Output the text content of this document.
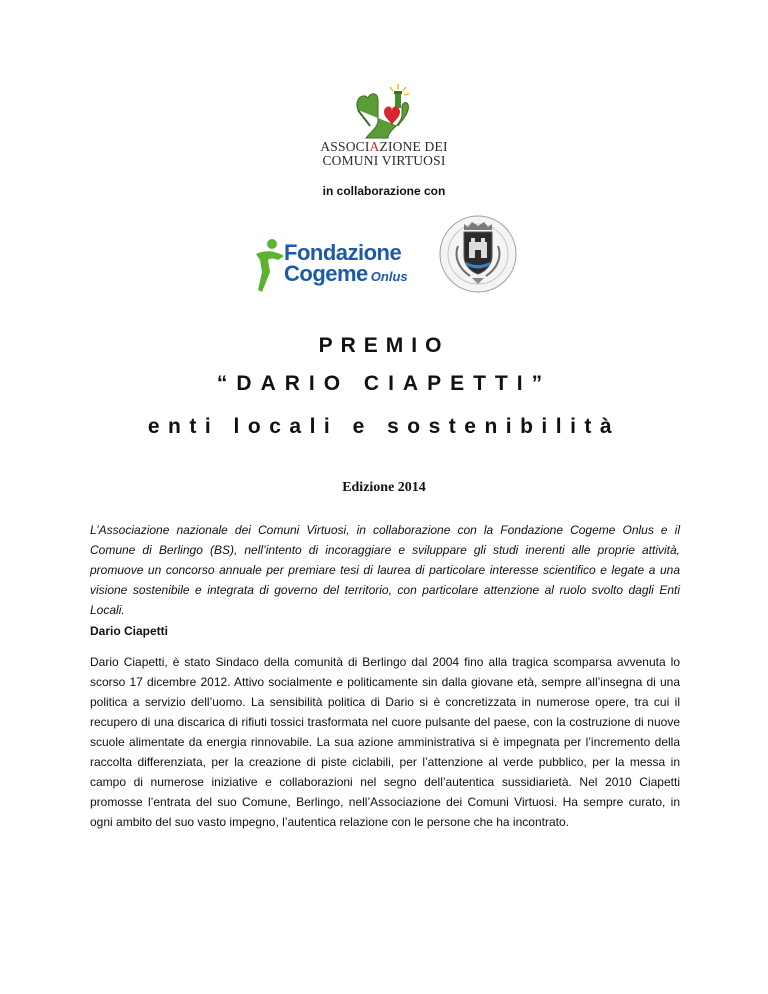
ASSOCIAZIONE DEI
COMUNI VIRTUOSI
in collaborazione con
Fondazione
Cogeme Onlus
PREMIO
“DARIO CIAPETTI”
enti locali e sostenibilità
Edizione 2014
L’Associazione nazionale dei Comuni Virtuosi, in collaborazione con la Fondazione Cogeme Onlus e il Comune di Berlingo (BS), nell’intento di incoraggiare e sviluppare gli studi inerenti alle proprie attività, promuove un concorso annuale per premiare tesi di laurea di particolare interesse scientifico e legate a una visione sostenibile e integrata di governo del territorio, con particolare attenzione al ruolo svolto dagli Enti Locali.
Dario Ciapetti
Dario Ciapetti, è stato Sindaco della comunità di Berlingo dal 2004 fino alla tragica scomparsa avvenuta lo scorso 17 dicembre 2012. Attivo socialmente e politicamente sin dalla giovane età, sempre all’insegna di una politica a servizio dell’uomo. La sensibilità politica di Dario si è concretizzata in numerose opere, tra cui il recupero di una discarica di rifiuti tossici trasformata nel cuore pulsante del paese, con la costruzione di nuove scuole alimentate da energia rinnovabile. La sua azione amministrativa si è impegnata per l’incremento della raccolta differenziata, per la creazione di piste ciclabili, per l’attenzione al verde pubblico, per la messa in campo di numerose iniziative e collaborazioni nel segno dell’autentica sussidiarietà. Nel 2010 Ciapetti promosse l’entrata del suo Comune, Berlingo, nell’Associazione dei Comuni Virtuosi. Ha sempre curato, in ogni ambito del suo vasto impegno, l’autentica relazione con le persone che ha incontrato.
